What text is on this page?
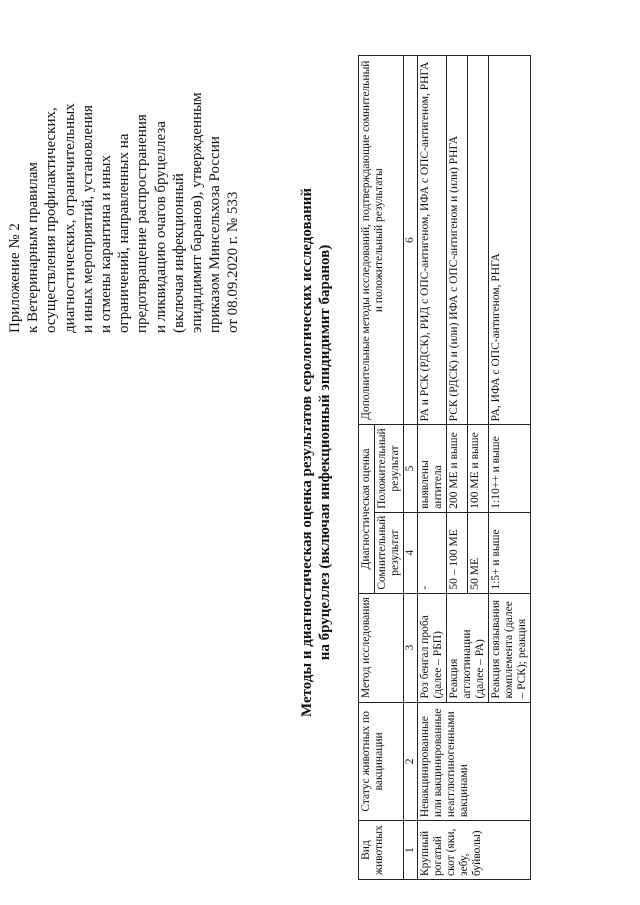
Приложение № 2 к Ветеринарным правилам осуществления профилактических, диагностических, ограничительных и иных мероприятий, установления и отмены карантина и иных ограничений, направленных на предотвращение распространения и ликвидацию очагов бруцеллеза (включая инфекционный эпидидимит баранов), утвержденным приказом Минсельхоза России от 08.09.2020 г. № 533	Методы и диагностическая оценка результатов серологических исследований на бруцеллез (включая инфекционный эпидидимит баранов)
Вид животных	Статус животных по вакцинации	Метод исследования	Диагностическая оценка		Дополнительные методы исследований, подтверждающие сомнительный и положительный результаты
			Сомнительный результат	Положительный результат	
1	2	3	4	5	6
Крупный рогатый скот (яки, зебу, буйволы)	Невакцинированные или вакцинированные неагглютиногенными вакцинами	Роз бенгал проба (далее – РБП)	-	выявлены антитела	РА и РСК (РДСК), РИД с ОПС-антигеном, ИФА с ОПС-антигеном, РНГА
		Реакция агглютинации (далее – РА)	50 – 100 МЕ	200 МЕ и выше	РСК (РДСК) и (или) ИФА с ОПС-антигеном и (или) РНГА
			50 МЕ	100 МЕ и выше	
		Реакция связывания комплемента (далее – РСК); реакция	1:5+ и выше	1:10++ и выше	РА, ИФА с ОПС-антигеном, РНГА
